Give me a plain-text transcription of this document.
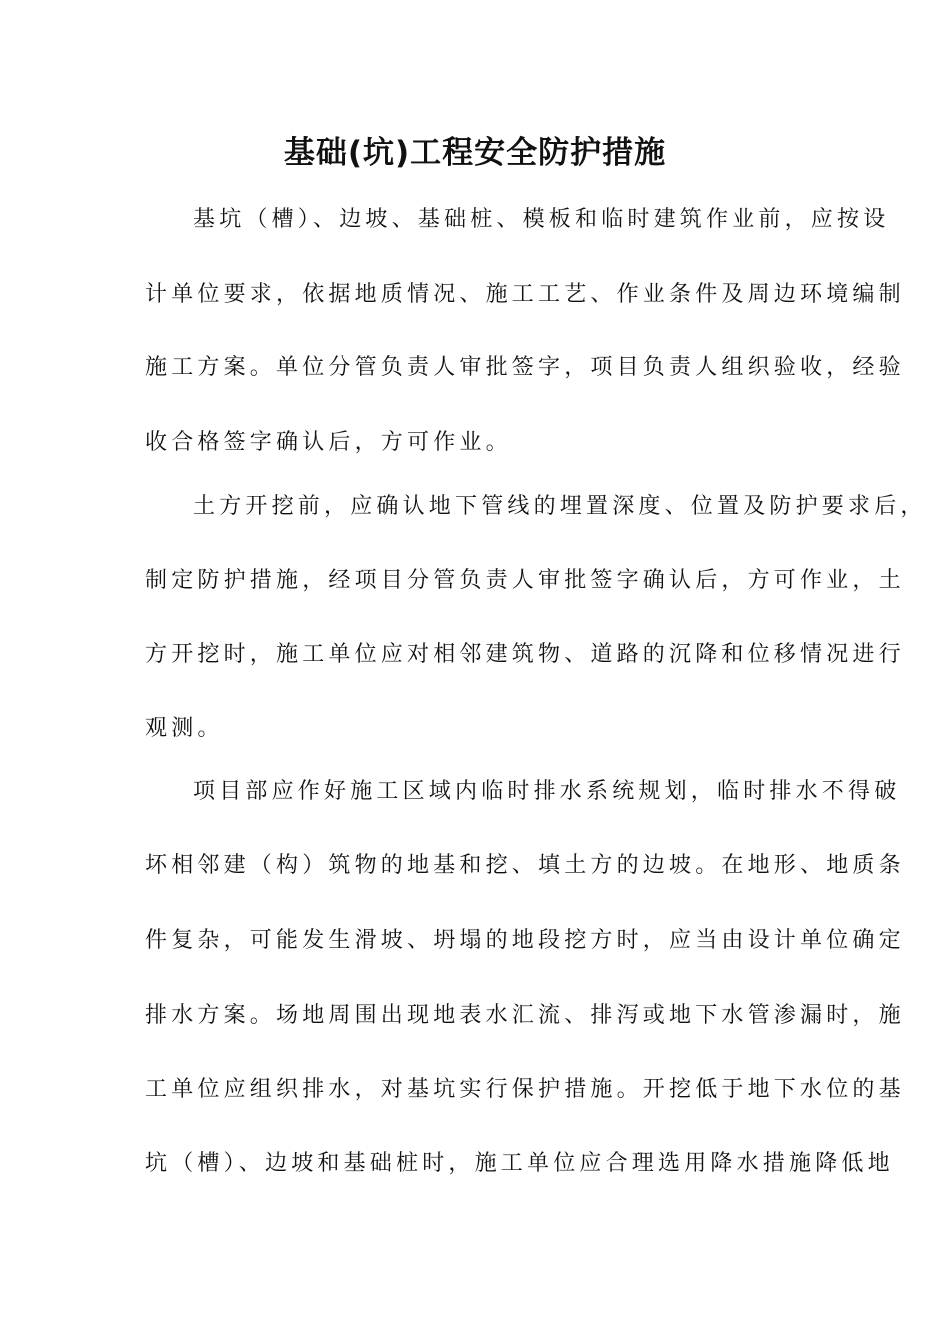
基础(坑)工程安全防护措施
基坑（槽）、边坡、基础桩、模板和临时建筑作业前，应按设
计单位要求，依据地质情况、施工工艺、作业条件及周边环境编制
施工方案。单位分管负责人审批签字，项目负责人组织验收，经验
收合格签字确认后，方可作业。
土方开挖前，应确认地下管线的埋置深度、位置及防护要求后，
制定防护措施，经项目分管负责人审批签字确认后，方可作业，土
方开挖时，施工单位应对相邻建筑物、道路的沉降和位移情况进行
观测。
项目部应作好施工区域内临时排水系统规划，临时排水不得破
坏相邻建（构）筑物的地基和挖、填土方的边坡。在地形、地质条
件复杂，可能发生滑坡、坍塌的地段挖方时，应当由设计单位确定
排水方案。场地周围出现地表水汇流、排泻或地下水管渗漏时，施
工单位应组织排水，对基坑实行保护措施。开挖低于地下水位的基
坑（槽）、边坡和基础桩时，施工单位应合理选用降水措施降低地
